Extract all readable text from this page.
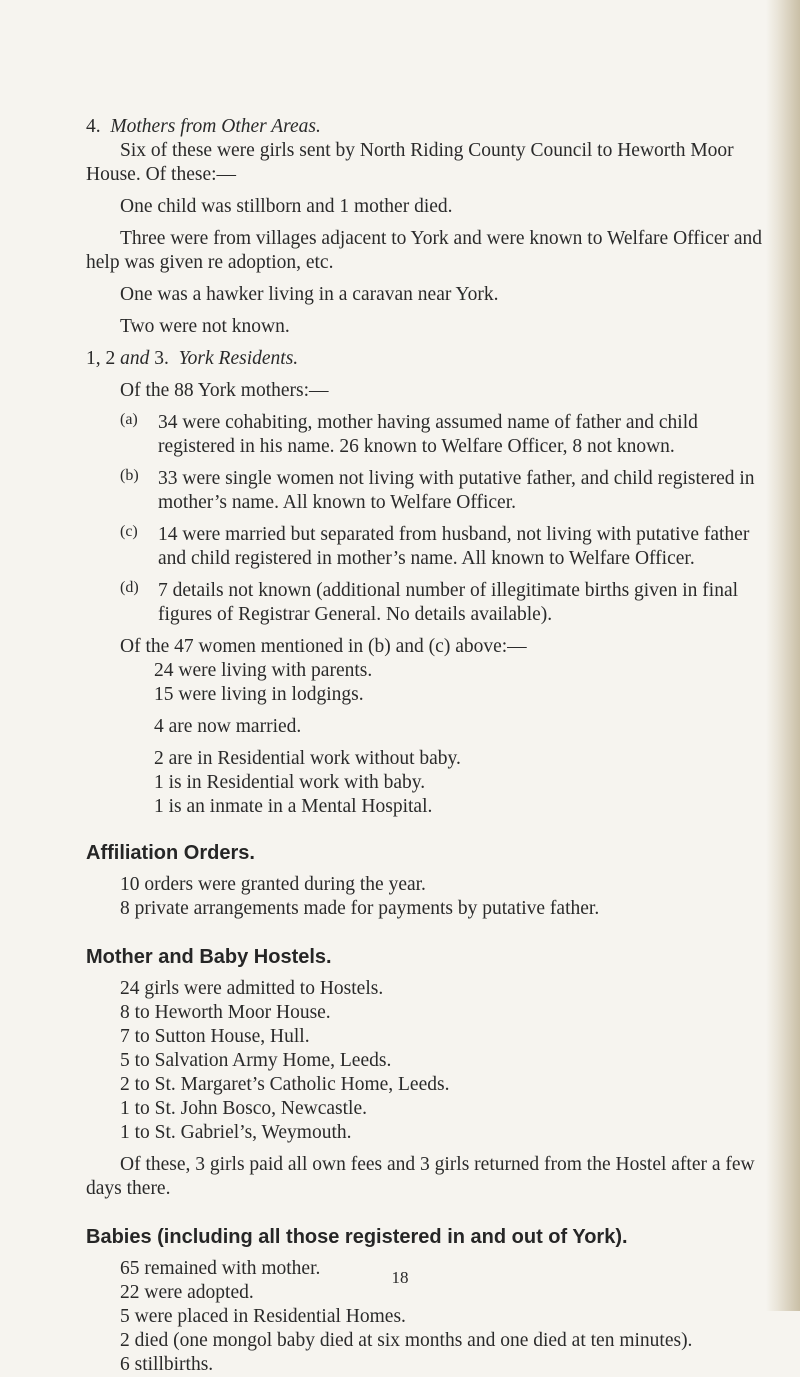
4. Mothers from Other Areas.

Six of these were girls sent by North Riding County Council to Heworth Moor House. Of these:—

One child was stillborn and 1 mother died.

Three were from villages adjacent to York and were known to Welfare Officer and help was given re adoption, etc.

One was a hawker living in a caravan near York.

Two were not known.

1, 2 and 3. York Residents.

Of the 88 York mothers:—

(a)	34 were cohabiting, mother having assumed name of father and child registered in his name. 26 known to Welfare Officer, 8 not known.

(b) 33 were single women not living with putative father, and child registered in mother’s name. All known to Welfare Officer.

(c)	14 were married but separated from husband, not living with putative father and child registered in mother’s name. All known to Welfare Officer.

(d) 7 details not known (additional number of illegitimate births given in final figures of Registrar General. No details available).

Of the 47 women mentioned in (b) and (c) above:—

24 were living with parents.

15 were living in lodgings.

4 are now married.

2 are in Residential work without baby.

1 is in Residential work with baby.

1 is an inmate in a Mental Hospital.

Affiliation Orders.

10 orders were granted during the year.

8 private arrangements made for payments by putative father.

Mother and Baby Hostels.

24 girls were admitted to Hostels.

8 to Heworth Moor House.

7 to Sutton House, Hull.

5 to Salvation Army Home, Leeds.

2 to St. Margaret’s Catholic Home, Leeds.

1 to St. John Bosco, Newcastle.

1 to St. Gabriel’s, Weymouth.

Of these, 3 girls paid all own fees and 3 girls returned from the Hostel after a few days there.

Babies (including all those registered in and out of York).

65 remained with mother.

22 were adopted.

5 were placed in Residential Homes.

2 died (one mongol baby died at six months and one died at ten minutes).

6 stillbirths.

18
